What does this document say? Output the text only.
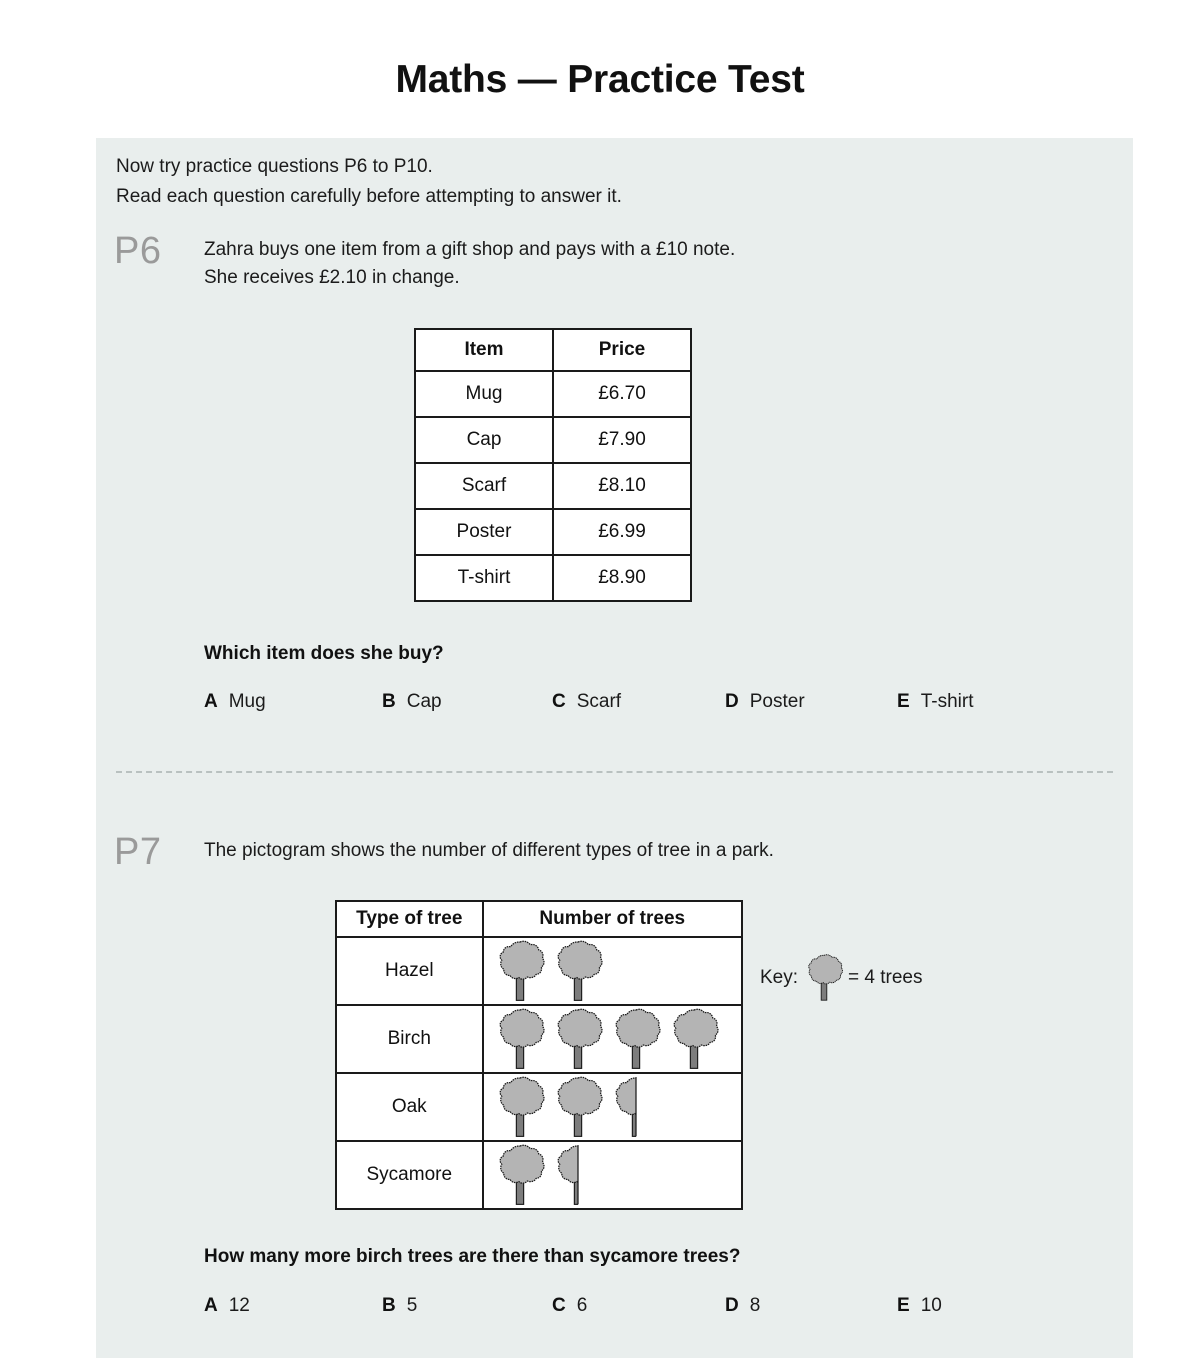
Maths — Practice Test
Now try practice questions P6 to P10.
Read each question carefully before attempting to answer it.
P6 Zahra buys one item from a gift shop and pays with a £10 note.
She receives £2.10 in change.
Item	Price
Mug	£6.70
Cap	£7.90
Scarf	£8.10
Poster	£6.99
T-shirt	£8.90
Which item does she buy?
A Mug	B Cap	C Scarf	D Poster	E T-shirt
P7 The pictogram shows the number of different types of tree in a park.
Type of tree	Number of trees
Hazel	

Birch	

Oak	

Sycamore	
Key:	= 4 trees
How many more birch trees are there than sycamore trees?
A 12	B 5	C 6	D 8	E 10
